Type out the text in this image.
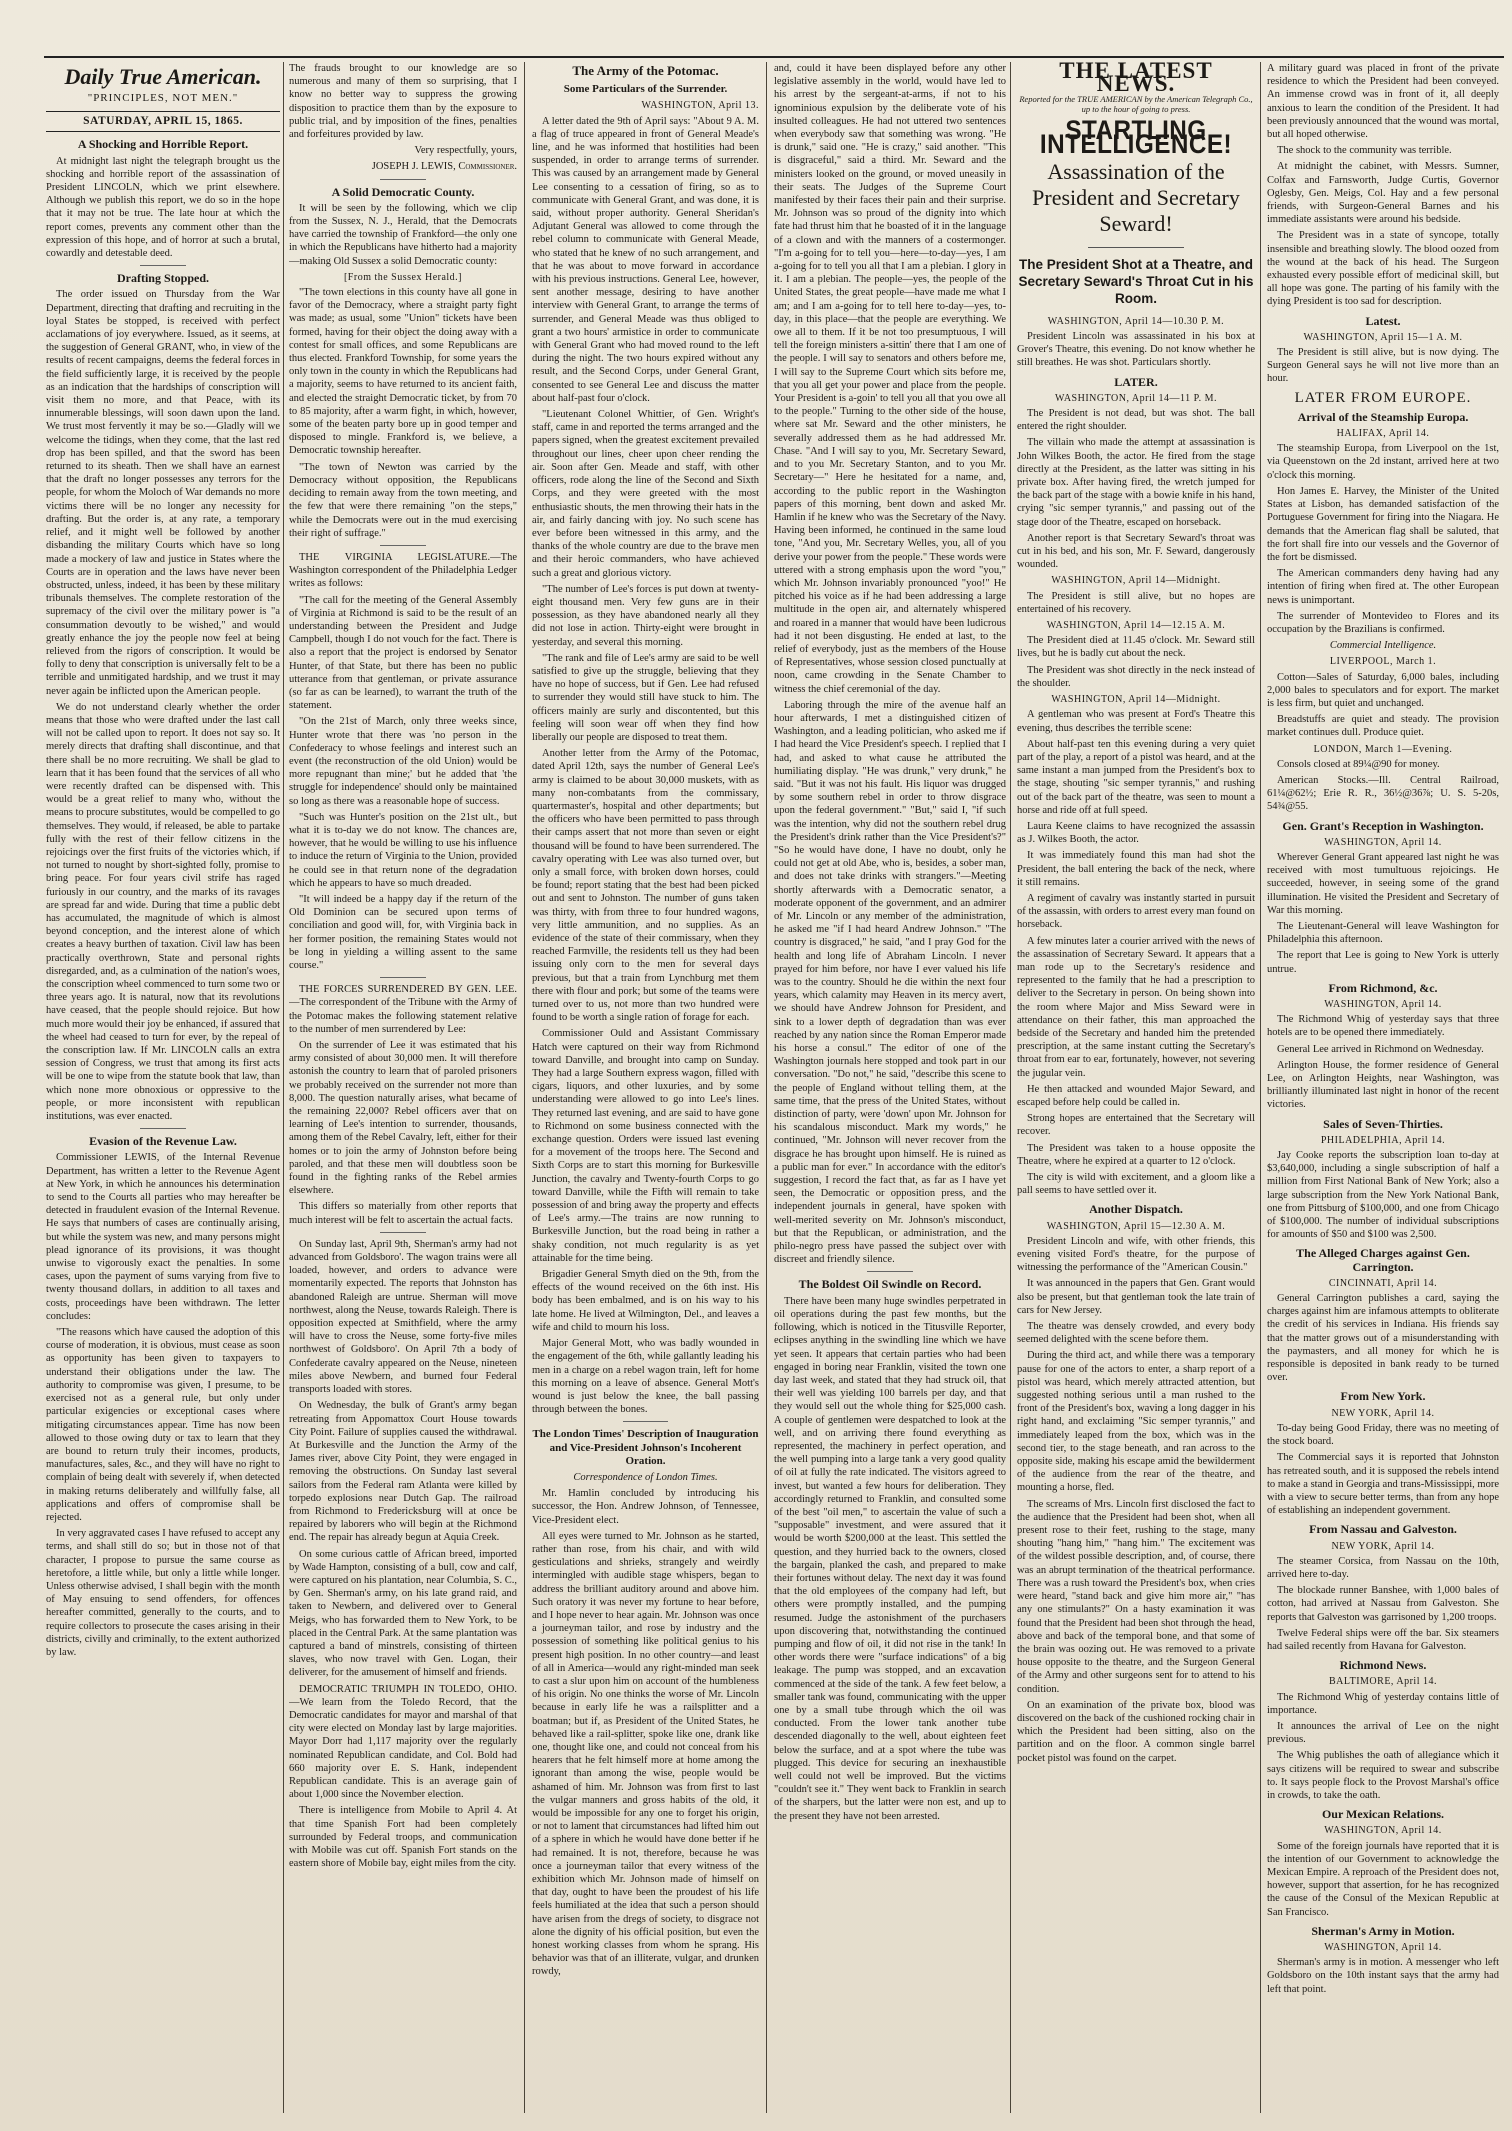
Daily True American.
"PRINCIPLES, NOT MEN."
SATURDAY, APRIL 15, 1865.
A Shocking and Horrible Report.

At midnight last night the telegraph brought us the shocking and horrible report of the assassination of President LINCOLN, which we print elsewhere. Although we publish this report, we do so in the hope that it may not be true. The late hour at which the report comes, prevents any comment other than the expression of this hope, and of horror at such a brutal, cowardly and detestable deed.

Drafting Stopped.

The order issued on Thursday from the War Department, directing that drafting and recruiting in the loyal States be stopped, is received with perfect acclamations of joy everywhere. Issued, as it seems, at the suggestion of General GRANT, who, in view of the results of recent campaigns, deems the federal forces in the field sufficiently large, it is received by the people as an indication that the hardships of conscription will visit them no more, and that Peace, with its innumerable blessings, will soon dawn upon the land. We trust most fervently it may be so.—Gladly will we welcome the tidings, when they come, that the last red drop has been spilled, and that the sword has been returned to its sheath. Then we shall have an earnest that the draft no longer possesses any terrors for the people, for whom the Moloch of War demands no more victims there will be no longer any necessity for drafting. But the order is, at any rate, a temporary relief, and it might well be followed by another disbanding the military Courts which have so long made a mockery of law and justice in States where the Courts are in operation and the laws have never been obstructed, unless, indeed, it has been by these military tribunals themselves. The complete restoration of the supremacy of the civil over the military power is "a consummation devoutly to be wished," and would greatly enhance the joy the people now feel at being relieved from the rigors of conscription. It would be folly to deny that conscription is universally felt to be a terrible and unmitigated hardship, and we trust it may never again be inflicted upon the American people.

We do not understand clearly whether the order means that those who were drafted under the last call will not be called upon to report. It does not say so. It merely directs that drafting shall discontinue, and that there shall be no more recruiting. We shall be glad to learn that it has been found that the services of all who were recently drafted can be dispensed with. This would be a great relief to many who, without the means to procure substitutes, would be compelled to go themselves. They would, if released, be able to partake fully with the rest of their fellow citizens in the rejoicings over the first fruits of the victories which, if not turned to nought by short-sighted folly, promise to bring peace. For four years civil strife has raged furiously in our country, and the marks of its ravages are spread far and wide. During that time a public debt has accumulated, the magnitude of which is almost beyond conception, and the interest alone of which creates a heavy burthen of taxation. Civil law has been practically overthrown, State and personal rights disregarded, and, as a culmination of the nation's woes, the conscription wheel commenced to turn some two or three years ago. It is natural, now that its revolutions have ceased, that the people should rejoice. But how much more would their joy be enhanced, if assured that the wheel had ceased to turn for ever, by the repeal of the conscription law. If Mr. LINCOLN calls an extra session of Congress, we trust that among its first acts will be one to wipe from the statute book that law, than which none more obnoxious or oppressive to the people, or more inconsistent with republican institutions, was ever enacted.

Evasion of the Revenue Law.

Commissioner LEWIS, of the Internal Revenue Department, has written a letter to the Revenue Agent at New York, in which he announces his determination to send to the Courts all parties who may hereafter be detected in fraudulent evasion of the Internal Revenue. He says that numbers of cases are continually arising, but while the system was new, and many persons might plead ignorance of its provisions, it was thought unwise to vigorously exact the penalties. In some cases, upon the payment of sums varying from five to twenty thousand dollars, in addition to all taxes and costs, proceedings have been withdrawn. The letter concludes:

"The reasons which have caused the adoption of this course of moderation, it is obvious, must cease as soon as opportunity has been given to taxpayers to understand their obligations under the law. The authority to compromise was given, I presume, to be exercised not as a general rule, but only under particular exigencies or exceptional cases where mitigating circumstances appear. Time has now been allowed to those owing duty or tax to learn that they are bound to return truly their incomes, products, manufactures, sales, &c., and they will have no right to complain of being dealt with severely if, when detected in making returns deliberately and willfully false, all applications and offers of compromise shall be rejected.

In very aggravated cases I have refused to accept any terms, and shall still do so; but in those not of that character, I propose to pursue the same course as heretofore, a little while, but only a little while longer. Unless otherwise advised, I shall begin with the month of May ensuing to send offenders, for offences hereafter committed, generally to the courts, and to require collectors to prosecute the cases arising in their districts, civilly and criminally, to the extent authorized by law.

The frauds brought to our knowledge are so numerous and many of them so surprising, that I know no better way to suppress the growing disposition to practice them than by the exposure to public trial, and by imposition of the fines, penalties and forfeitures provided by law.

Very respectfully, yours,

JOSEPH J. LEWIS, Commissioner.

A Solid Democratic County.

It will be seen by the following, which we clip from the Sussex, N. J., Herald, that the Democrats have carried the township of Frankford—the only one in which the Republicans have hitherto had a majority—making Old Sussex a solid Democratic county:

[From the Sussex Herald.]

"The town elections in this county have all gone in favor of the Democracy, where a straight party fight was made; as usual, some "Union" tickets have been formed, having for their object the doing away with a contest for small offices, and some Republicans are thus elected. Frankford Township, for some years the only town in the county in which the Republicans had a majority, seems to have returned to its ancient faith, and elected the straight Democratic ticket, by from 70 to 85 majority, after a warm fight, in which, however, some of the beaten party bore up in good temper and disposed to mingle. Frankford is, we believe, a Democratic township hereafter.

"The town of Newton was carried by the Democracy without opposition, the Republicans deciding to remain away from the town meeting, and the few that were there remaining "on the steps," while the Democrats were out in the mud exercising their right of suffrage."

THE VIRGINIA LEGISLATURE.—The Washington correspondent of the Philadelphia Ledger writes as follows:

"The call for the meeting of the General Assembly of Virginia at Richmond is said to be the result of an understanding between the President and Judge Campbell, though I do not vouch for the fact. There is also a report that the project is endorsed by Senator Hunter, of that State, but there has been no public utterance from that gentleman, or private assurance (so far as can be learned), to warrant the truth of the statement.

"On the 21st of March, only three weeks since, Hunter wrote that there was 'no person in the Confederacy to whose feelings and interest such an event (the reconstruction of the old Union) would be more repugnant than mine;' but he added that 'the struggle for independence' should only be maintained so long as there was a reasonable hope of success.

"Such was Hunter's position on the 21st ult., but what it is to-day we do not know. The chances are, however, that he would be willing to use his influence to induce the return of Virginia to the Union, provided he could see in that return none of the degradation which he appears to have so much dreaded.

"It will indeed be a happy day if the return of the Old Dominion can be secured upon terms of conciliation and good will, for, with Virginia back in her former position, the remaining States would not be long in yielding a willing assent to the same course."

THE FORCES SURRENDERED BY GEN. LEE.—The correspondent of the Tribune with the Army of the Potomac makes the following statement relative to the number of men surrendered by Lee:

On the surrender of Lee it was estimated that his army consisted of about 30,000 men. It will therefore astonish the country to learn that of paroled prisoners we probably received on the surrender not more than 8,000. The question naturally arises, what became of the remaining 22,000? Rebel officers aver that on learning of Lee's intention to surrender, thousands, among them of the Rebel Cavalry, left, either for their homes or to join the army of Johnston before being paroled, and that these men will doubtless soon be found in the fighting ranks of the Rebel armies elsewhere.

This differs so materially from other reports that much interest will be felt to ascertain the actual facts.

On Sunday last, April 9th, Sherman's army had not advanced from Goldsboro'. The wagon trains were all loaded, however, and orders to advance were momentarily expected. The reports that Johnston has abandoned Raleigh are untrue. Sherman will move northwest, along the Neuse, towards Raleigh. There is opposition expected at Smithfield, where the army will have to cross the Neuse, some forty-five miles northwest of Goldsboro'. On April 7th a body of Confederate cavalry appeared on the Neuse, nineteen miles above Newbern, and burned four Federal transports loaded with stores.

On Wednesday, the bulk of Grant's army began retreating from Appomattox Court House towards City Point. Failure of supplies caused the withdrawal. At Burkesville and the Junction the Army of the James river, above City Point, they were engaged in removing the obstructions. On Sunday last several sailors from the Federal ram Atlanta were killed by torpedo explosions near Dutch Gap. The railroad from Richmond to Fredericksburg will at once be repaired by laborers who will begin at the Richmond end. The repair has already begun at Aquia Creek.

On some curious cattle of African breed, imported by Wade Hampton, consisting of a bull, cow and calf, were captured on his plantation, near Columbia, S. C., by Gen. Sherman's army, on his late grand raid, and taken to Newbern, and delivered over to General Meigs, who has forwarded them to New York, to be placed in the Central Park. At the same plantation was captured a band of minstrels, consisting of thirteen slaves, who now travel with Gen. Logan, their deliverer, for the amusement of himself and friends.

DEMOCRATIC TRIUMPH IN TOLEDO, OHIO.—We learn from the Toledo Record, that the Democratic candidates for mayor and marshal of that city were elected on Monday last by large majorities. Mayor Dorr had 1,117 majority over the regularly nominated Republican candidate, and Col. Bold had 660 majority over E. S. Hank, independent Republican candidate. This is an average gain of about 1,000 since the November election.

There is intelligence from Mobile to April 4. At that time Spanish Fort had been completely surrounded by Federal troops, and communication with Mobile was cut off. Spanish Fort stands on the eastern shore of Mobile bay, eight miles from the city.

The Army of the Potomac.
Some Particulars of the Surrender.
WASHINGTON, April 13.

A letter dated the 9th of April says: "About 9 A. M. a flag of truce appeared in front of General Meade's line, and he was informed that hostilities had been suspended, in order to arrange terms of surrender. This was caused by an arrangement made by General Lee consenting to a cessation of firing, so as to communicate with General Grant, and was done, it is said, without proper authority. General Sheridan's Adjutant General was allowed to come through the rebel column to communicate with General Meade, who stated that he knew of no such arrangement, and that he was about to move forward in accordance with his previous instructions. General Lee, however, sent another message, desiring to have another interview with General Grant, to arrange the terms of surrender, and General Meade was thus obliged to grant a two hours' armistice in order to communicate with General Grant who had moved round to the left during the night. The two hours expired without any result, and the Second Corps, under General Grant, consented to see General Lee and discuss the matter about half-past four o'clock.

"Lieutenant Colonel Whittier, of Gen. Wright's staff, came in and reported the terms arranged and the papers signed, when the greatest excitement prevailed throughout our lines, cheer upon cheer rending the air. Soon after Gen. Meade and staff, with other officers, rode along the line of the Second and Sixth Corps, and they were greeted with the most enthusiastic shouts, the men throwing their hats in the air, and fairly dancing with joy. No such scene has ever before been witnessed in this army, and the thanks of the whole country are due to the brave men and their heroic commanders, who have achieved such a great and glorious victory.

"The number of Lee's forces is put down at twenty-eight thousand men. Very few guns are in their possession, as they have abandoned nearly all they did not lose in action. Thirty-eight were brought in yesterday, and several this morning.

"The rank and file of Lee's army are said to be well satisfied to give up the struggle, believing that they have no hope of success, but if Gen. Lee had refused to surrender they would still have stuck to him. The officers mainly are surly and discontented, but this feeling will soon wear off when they find how liberally our people are disposed to treat them.

Another letter from the Army of the Potomac, dated April 12th, says the number of General Lee's army is claimed to be about 30,000 muskets, with as many non-combatants from the commissary, quartermaster's, hospital and other departments; but the officers who have been permitted to pass through their camps assert that not more than seven or eight thousand will be found to have been surrendered. The cavalry operating with Lee was also turned over, but only a small force, with broken down horses, could be found; report stating that the best had been picked out and sent to Johnston. The number of guns taken was thirty, with from three to four hundred wagons, very little ammunition, and no supplies. As an evidence of the state of their commissary, when they reached Farmville, the residents tell us they had been issuing only corn to the men for several days previous, but that a train from Lynchburg met them there with flour and pork; but some of the teams were turned over to us, not more than two hundred were found to be worth a single ration of forage for each.

Commissioner Ould and Assistant Commissary Hatch were captured on their way from Richmond toward Danville, and brought into camp on Sunday. They had a large Southern express wagon, filled with cigars, liquors, and other luxuries, and by some understanding were allowed to go into Lee's lines. They returned last evening, and are said to have gone to Richmond on some business connected with the exchange question. Orders were issued last evening for a movement of the troops here. The Second and Sixth Corps are to start this morning for Burkesville Junction, the cavalry and Twenty-fourth Corps to go toward Danville, while the Fifth will remain to take possession of and bring away the property and effects of Lee's army.—The trains are now running to Burkesville Junction, but the road being in rather a shaky condition, not much regularity is as yet attainable for the time being.

Brigadier General Smyth died on the 9th, from the effects of the wound received on the 6th inst. His body has been embalmed, and is on his way to his late home. He lived at Wilmington, Del., and leaves a wife and child to mourn his loss.

Major General Mott, who was badly wounded in the engagement of the 6th, while gallantly leading his men in a charge on a rebel wagon train, left for home this morning on a leave of absence. General Mott's wound is just below the knee, the ball passing through between the bones.

The London Times' Description of Inauguration and Vice-President Johnson's Incoherent Oration.
Correspondence of London Times.

Mr. Hamlin concluded by introducing his successor, the Hon. Andrew Johnson, of Tennessee, Vice-President elect.

All eyes were turned to Mr. Johnson as he started, rather than rose, from his chair, and with wild gesticulations and shrieks, strangely and weirdly intermingled with audible stage whispers, began to address the brilliant auditory around and above him. Such oratory it was never my fortune to hear before, and I hope never to hear again. Mr. Johnson was once a journeyman tailor, and rose by industry and the possession of something like political genius to his present high position. In no other country—and least of all in America—would any right-minded man seek to cast a slur upon him on account of the humbleness of his origin. No one thinks the worse of Mr. Lincoln because in early life he was a railsplitter and a boatman; but if, as President of the United States, he behaved like a rail-splitter, spoke like one, drank like one, thought like one, and could not conceal from his hearers that he felt himself more at home among the ignorant than among the wise, people would be ashamed of him. Mr. Johnson was from first to last the vulgar manners and gross habits of the old, it would be impossible for any one to forget his origin, or not to lament that circumstances had lifted him out of a sphere in which he would have done better if he had remained. It is not, therefore, because he was once a journeyman tailor that every witness of the exhibition which Mr. Johnson made of himself on that day, ought to have been the proudest of his life feels humiliated at the idea that such a person should have arisen from the dregs of society, to disgrace not alone the dignity of his official position, but even the honest working classes from whom he sprang. His behavior was that of an illiterate, vulgar, and drunken rowdy,

and, could it have been displayed before any other legislative assembly in the world, would have led to his arrest by the sergeant-at-arms, if not to his ignominious expulsion by the deliberate vote of his insulted colleagues. He had not uttered two sentences when everybody saw that something was wrong. "He is drunk," said one. "He is crazy," said another. "This is disgraceful," said a third. Mr. Seward and the ministers looked on the ground, or moved uneasily in their seats. The Judges of the Supreme Court manifested by their faces their pain and their surprise. Mr. Johnson was so proud of the dignity into which fate had thrust him that he boasted of it in the language of a clown and with the manners of a costermonger. "I'm a-going for to tell you—here—to-day—yes, I am a-going for to tell you all that I am a plebian. I glory in it. I am a plebian. The people—yes, the people of the United States, the great people—have made me what I am; and I am a-going for to tell here to-day—yes, to-day, in this place—that the people are everything. We owe all to them. If it be not too presumptuous, I will tell the foreign ministers a-sittin' there that I am one of the people. I will say to senators and others before me, I will say to the Supreme Court which sits before me, that you all get your power and place from the people. Your President is a-goin' to tell you all that you owe all to the people." Turning to the other side of the house, where sat Mr. Seward and the other ministers, he severally addressed them as he had addressed Mr. Chase. "And I will say to you, Mr. Secretary Seward, and to you Mr. Secretary Stanton, and to you Mr. Secretary—" Here he hesitated for a name, and, according to the public report in the Washington papers of this morning, bent down and asked Mr. Hamlin if he knew who was the Secretary of the Navy. Having been informed, he continued in the same loud tone, "And you, Mr. Secretary Welles, you, all of you derive your power from the people." These words were uttered with a strong emphasis upon the word "you," which Mr. Johnson invariably pronounced "yoo!" He pitched his voice as if he had been addressing a large multitude in the open air, and alternately whispered and roared in a manner that would have been ludicrous had it not been disgusting. He ended at last, to the relief of everybody, just as the members of the House of Representatives, whose session closed punctually at noon, came crowding in the Senate Chamber to witness the chief ceremonial of the day.

Laboring through the mire of the avenue half an hour afterwards, I met a distinguished citizen of Washington, and a leading politician, who asked me if I had heard the Vice President's speech. I replied that I had, and asked to what cause he attributed the humiliating display. "He was drunk," very drunk," he said. "But it was not his fault. His liquor was drugged by some southern rebel in order to throw disgrace upon the federal government." "But," said I, "if such was the intention, why did not the southern rebel drug the President's drink rather than the Vice President's?" "So he would have done, I have no doubt, only he could not get at old Abe, who is, besides, a sober man, and does not take drinks with strangers."—Meeting shortly afterwards with a Democratic senator, a moderate opponent of the government, and an admirer of Mr. Lincoln or any member of the administration, he asked me "if I had heard Andrew Johnson." "The country is disgraced," he said, "and I pray God for the health and long life of Abraham Lincoln. I never prayed for him before, nor have I ever valued his life was to the country. Should he die within the next four years, which calamity may Heaven in its mercy avert, we should have Andrew Johnson for President, and sink to a lower depth of degradation than was ever reached by any nation since the Roman Emperor made his horse a consul." The editor of one of the Washington journals here stopped and took part in our conversation. "Do not," he said, "describe this scene to the people of England without telling them, at the same time, that the press of the United States, without distinction of party, were 'down' upon Mr. Johnson for his scandalous misconduct. Mark my words," he continued, "Mr. Johnson will never recover from the disgrace he has brought upon himself. He is ruined as a public man for ever." In accordance with the editor's suggestion, I record the fact that, as far as I have yet seen, the Democratic or opposition press, and the independent journals in general, have spoken with well-merited severity on Mr. Johnson's misconduct, but that the Republican, or administration, and the philo-negro press have passed the subject over with discreet and friendly silence.

The Boldest Oil Swindle on Record.

There have been many huge swindles perpetrated in oil operations during the past few months, but the following, which is noticed in the Titusville Reporter, eclipses anything in the swindling line which we have yet seen. It appears that certain parties who had been engaged in boring near Franklin, visited the town one day last week, and stated that they had struck oil, that their well was yielding 100 barrels per day, and that they would sell out the whole thing for $25,000 cash. A couple of gentlemen were despatched to look at the well, and on arriving there found everything as represented, the machinery in perfect operation, and the well pumping into a large tank a very good quality of oil at fully the rate indicated. The visitors agreed to invest, but wanted a few hours for deliberation. They accordingly returned to Franklin, and consulted some of the best "oil men," to ascertain the value of such a "supposable" investment, and were assured that it would be worth $200,000 at the least. This settled the question, and they hurried back to the owners, closed the bargain, planked the cash, and prepared to make their fortunes without delay. The next day it was found that the old employees of the company had left, but others were promptly installed, and the pumping resumed. Judge the astonishment of the purchasers upon discovering that, notwithstanding the continued pumping and flow of oil, it did not rise in the tank! In other words there were "surface indications" of a big leakage. The pump was stopped, and an excavation commenced at the side of the tank. A few feet below, a smaller tank was found, communicating with the upper one by a small tube through which the oil was conducted. From the lower tank another tube descended diagonally to the well, about eighteen feet below the surface, and at a spot where the tube was plugged. This device for securing an inexhaustible well could not well be improved. But the victims "couldn't see it." They went back to Franklin in search of the sharpers, but the latter were non est, and up to the present they have not been arrested.

THE LATEST NEWS.
Reported for the TRUE AMERICAN by the American Telegraph Co., up to the hour of going to press.
STARTLING INTELLIGENCE!
Assassination of the President and Secretary Seward!
The President Shot at a Theatre, and Secretary Seward's Throat Cut in his Room.
WASHINGTON, April 14—10.30 P. M.

President Lincoln was assassinated in his box at Grover's Theatre, this evening. Do not know whether he still breathes. He was shot. Particulars shortly.

LATER.
WASHINGTON, April 14—11 P. M.

The President is not dead, but was shot. The ball entered the right shoulder.

The villain who made the attempt at assassination is John Wilkes Booth, the actor. He fired from the stage directly at the President, as the latter was sitting in his private box. After having fired, the wretch jumped for the back part of the stage with a bowie knife in his hand, crying "sic semper tyrannis," and passing out of the stage door of the Theatre, escaped on horseback.

Another report is that Secretary Seward's throat was cut in his bed, and his son, Mr. F. Seward, dangerously wounded.

WASHINGTON, April 14—Midnight.

The President is still alive, but no hopes are entertained of his recovery.

WASHINGTON, April 14—12.15 A. M.

The President died at 11.45 o'clock. Mr. Seward still lives, but he is badly cut about the neck.

The President was shot directly in the neck instead of the shoulder.

WASHINGTON, April 14—Midnight.

A gentleman who was present at Ford's Theatre this evening, thus describes the terrible scene:

About half-past ten this evening during a very quiet part of the play, a report of a pistol was heard, and at the same instant a man jumped from the President's box to the stage, shouting "sic semper tyrannis," and rushing out of the back part of the theatre, was seen to mount a horse and ride off at full speed.

Laura Keene claims to have recognized the assassin as J. Wilkes Booth, the actor.

It was immediately found this man had shot the President, the ball entering the back of the neck, where it still remains.

A regiment of cavalry was instantly started in pursuit of the assassin, with orders to arrest every man found on horseback.

A few minutes later a courier arrived with the news of the assassination of Secretary Seward. It appears that a man rode up to the Secretary's residence and represented to the family that he had a prescription to deliver to the Secretary in person. On being shown into the room where Major and Miss Seward were in attendance on their father, this man approached the bedside of the Secretary and handed him the pretended prescription, at the same instant cutting the Secretary's throat from ear to ear, fortunately, however, not severing the jugular vein.

He then attacked and wounded Major Seward, and escaped before help could be called in.

Strong hopes are entertained that the Secretary will recover.

The President was taken to a house opposite the Theatre, where he expired at a quarter to 12 o'clock.

The city is wild with excitement, and a gloom like a pall seems to have settled over it.

Another Dispatch.
WASHINGTON, April 15—12.30 A. M.

President Lincoln and wife, with other friends, this evening visited Ford's theatre, for the purpose of witnessing the performance of the "American Cousin."

It was announced in the papers that Gen. Grant would also be present, but that gentleman took the late train of cars for New Jersey.

The theatre was densely crowded, and every body seemed delighted with the scene before them.

During the third act, and while there was a temporary pause for one of the actors to enter, a sharp report of a pistol was heard, which merely attracted attention, but suggested nothing serious until a man rushed to the front of the President's box, waving a long dagger in his right hand, and exclaiming "Sic semper tyrannis," and immediately leaped from the box, which was in the second tier, to the stage beneath, and ran across to the opposite side, making his escape amid the bewilderment of the audience from the rear of the theatre, and mounting a horse, fled.

The screams of Mrs. Lincoln first disclosed the fact to the audience that the President had been shot, when all present rose to their feet, rushing to the stage, many shouting "hang him," "hang him." The excitement was of the wildest possible description, and, of course, there was an abrupt termination of the theatrical performance. There was a rush toward the President's box, when cries were heard, "stand back and give him more air," "has any one stimulants?" On a hasty examination it was found that the President had been shot through the head, above and back of the temporal bone, and that some of the brain was oozing out. He was removed to a private house opposite to the theatre, and the Surgeon General of the Army and other surgeons sent for to attend to his condition.

On an examination of the private box, blood was discovered on the back of the cushioned rocking chair in which the President had been sitting, also on the partition and on the floor. A common single barrel pocket pistol was found on the carpet.

A military guard was placed in front of the private residence to which the President had been conveyed. An immense crowd was in front of it, all deeply anxious to learn the condition of the President. It had been previously announced that the wound was mortal, but all hoped otherwise.

The shock to the community was terrible.

At midnight the cabinet, with Messrs. Sumner, Colfax and Farnsworth, Judge Curtis, Governor Oglesby, Gen. Meigs, Col. Hay and a few personal friends, with Surgeon-General Barnes and his immediate assistants were around his bedside.

The President was in a state of syncope, totally insensible and breathing slowly. The blood oozed from the wound at the back of his head. The Surgeon exhausted every possible effort of medicinal skill, but all hope was gone. The parting of his family with the dying President is too sad for description.

Latest.
WASHINGTON, April 15—1 A. M.

The President is still alive, but is now dying. The Surgeon General says he will not live more than an hour.

LATER FROM EUROPE.
Arrival of the Steamship Europa.
HALIFAX, April 14.

The steamship Europa, from Liverpool on the 1st, via Queenstown on the 2d instant, arrived here at two o'clock this morning.

Hon James E. Harvey, the Minister of the United States at Lisbon, has demanded satisfaction of the Portuguese Government for firing into the Niagara. He demands that the American flag shall be saluted, that the fort shall fire into our vessels and the Governor of the fort be dismissed.

The American commanders deny having had any intention of firing when fired at. The other European news is unimportant.

The surrender of Montevideo to Flores and its occupation by the Brazilians is confirmed.

Commercial Intelligence.
LIVERPOOL, March 1.

Cotton—Sales of Saturday, 6,000 bales, including 2,000 bales to speculators and for export. The market is less firm, but quiet and unchanged.

Breadstuffs are quiet and steady. The provision market continues dull. Produce quiet.

LONDON, March 1—Evening.

Consols closed at 89¼@90 for money.

American Stocks.—Ill. Central Railroad, 61¼@62½; Erie R. R., 36½@36⅞; U. S. 5-20s, 54¾@55.

Gen. Grant's Reception in Washington.
WASHINGTON, April 14.

Wherever General Grant appeared last night he was received with most tumultuous rejoicings. He succeeded, however, in seeing some of the grand illumination. He visited the President and Secretary of War this morning.

The Lieutenant-General will leave Washington for Philadelphia this afternoon.

The report that Lee is going to New York is utterly untrue.

From Richmond, &c.
WASHINGTON, April 14.

The Richmond Whig of yesterday says that three hotels are to be opened there immediately.

General Lee arrived in Richmond on Wednesday.

Arlington House, the former residence of General Lee, on Arlington Heights, near Washington, was brilliantly illuminated last night in honor of the recent victories.

Sales of Seven-Thirties.
PHILADELPHIA, April 14.

Jay Cooke reports the subscription loan to-day at $3,640,000, including a single subscription of half a million from First National Bank of New York; also a large subscription from the New York National Bank, one from Pittsburg of $100,000, and one from Chicago of $100,000. The number of individual subscriptions for amounts of $50 and $100 was 2,500.

The Alleged Charges against Gen. Carrington.
CINCINNATI, April 14.

General Carrington publishes a card, saying the charges against him are infamous attempts to obliterate the credit of his services in Indiana. His friends say that the matter grows out of a misunderstanding with the paymasters, and all money for which he is responsible is deposited in bank ready to be turned over.

From New York.
NEW YORK, April 14.

To-day being Good Friday, there was no meeting of the stock board.

The Commercial says it is reported that Johnston has retreated south, and it is supposed the rebels intend to make a stand in Georgia and trans-Mississippi, more with a view to secure better terms, than from any hope of establishing an independent government.

From Nassau and Galveston.
NEW YORK, April 14.

The steamer Corsica, from Nassau on the 10th, arrived here to-day.

The blockade runner Banshee, with 1,000 bales of cotton, had arrived at Nassau from Galveston. She reports that Galveston was garrisoned by 1,200 troops.

Twelve Federal ships were off the bar. Six steamers had sailed recently from Havana for Galveston.

Richmond News.
BALTIMORE, April 14.

The Richmond Whig of yesterday contains little of importance.

It announces the arrival of Lee on the night previous.

The Whig publishes the oath of allegiance which it says citizens will be required to swear and subscribe to. It says people flock to the Provost Marshal's office in crowds, to take the oath.

Our Mexican Relations.
WASHINGTON, April 14.

Some of the foreign journals have reported that it is the intention of our Government to acknowledge the Mexican Empire. A reproach of the President does not, however, support that assertion, for he has recognized the cause of the Consul of the Mexican Republic at San Francisco.

Sherman's Army in Motion.
WASHINGTON, April 14.

Sherman's army is in motion. A messenger who left Goldsboro on the 10th instant says that the army had left that point.
